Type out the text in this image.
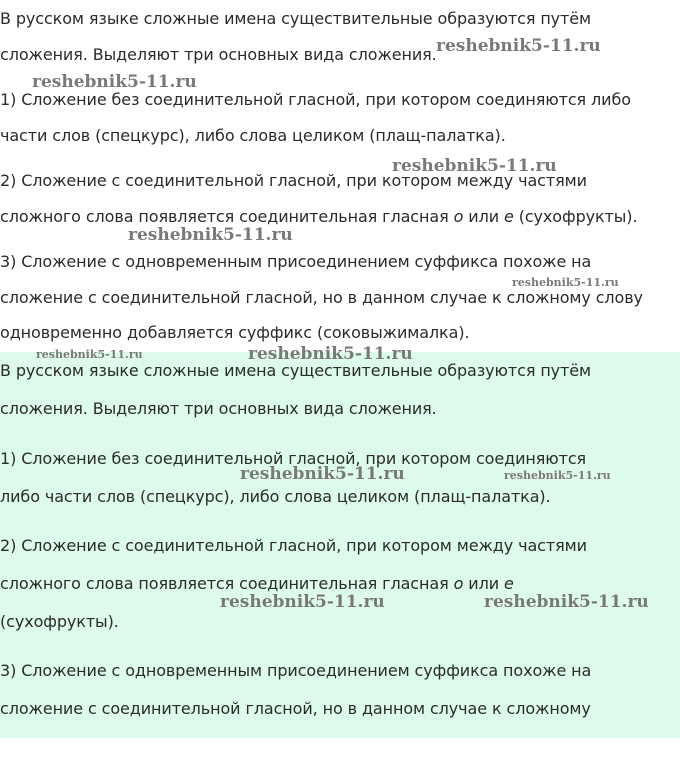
В русском языке сложные имена существительные образуются путём
сложения. Выделяют три основных вида сложения.
1) Сложение без соединительной гласной, при котором соединяются либо
части слов (спецкурс), либо слова целиком (плащ-палатка).
2) Сложение с соединительной гласной, при котором между частями
сложного слова появляется соединительная гласная о или е (сухофрукты).
3) Сложение с одновременным присоединением суффикса похоже на
сложение с соединительной гласной, но в данном случае к сложному слову
одновременно добавляется суффикс (соковыжималка).
В русском языке сложные имена существительные образуются путём
сложения. Выделяют три основных вида сложения.
1) Сложение без соединительной гласной, при котором соединяются
либо части слов (спецкурс), либо слова целиком (плащ-палатка).
2) Сложение с соединительной гласной, при котором между частями
сложного слова появляется соединительная гласная о или е
(сухофрукты).
3) Сложение с одновременным присоединением суффикса похоже на
сложение с соединительной гласной, но в данном случае к сложному
reshebnik5-11.ru
reshebnik5-11.ru
reshebnik5-11.ru
reshebnik5-11.ru
reshebnik5-11.ru
reshebnik5-11.ru	reshebnik5-11.ru
reshebnik5-11.ru	reshebnik5-11.ru
reshebnik5-11.ru	reshebnik5-11.ru
